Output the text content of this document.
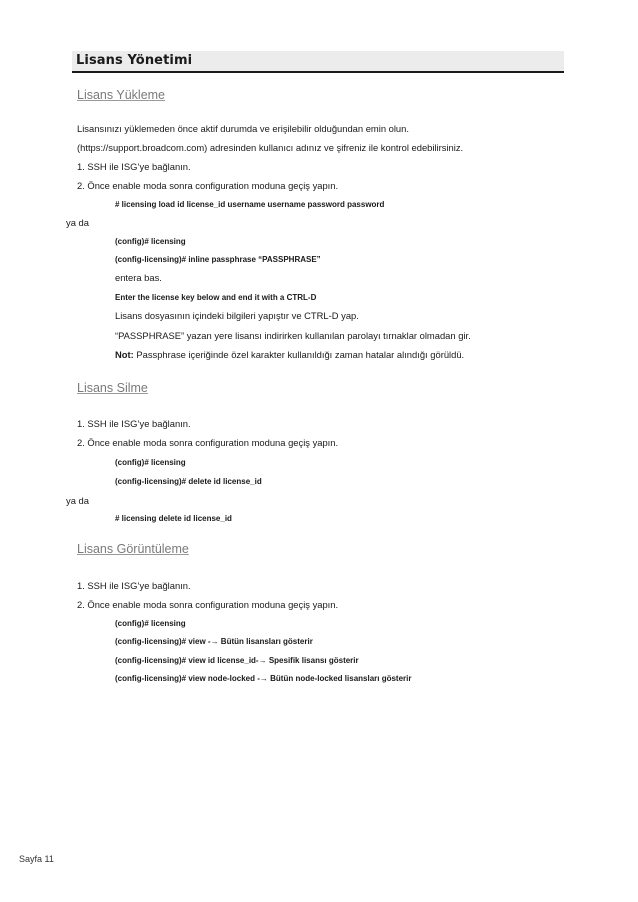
Lisans Yönetimi
Lisans Yükleme
Lisansınızı yüklemeden önce aktif durumda ve erişilebilir olduğundan emin olun.
(https://support.broadcom.com) adresinden kullanıcı adınız ve şifreniz ile kontrol edebilirsiniz.
1. SSH ile ISG’ye bağlanın.
2. Önce enable moda sonra configuration moduna geçiş yapın.
# licensing load id license_id username username password password
ya da
(config)# licensing
(config-licensing)# inline passphrase “PASSPHRASE”
entera bas.
Enter the license key below and end it with a CTRL-D
Lisans dosyasının içindeki bilgileri yapıştır ve CTRL-D yap.
“PASSPHRASE” yazan yere lisansı indirirken kullanılan parolayı tırnaklar olmadan gir.
Not: Passphrase içeriğinde özel karakter kullanıldığı zaman hatalar alındığı görüldü.
Lisans Silme
1. SSH ile ISG’ye bağlanın.
2. Önce enable moda sonra configuration moduna geçiş yapın.
(config)# licensing
(config-licensing)# delete id license_id
ya da
# licensing delete id license_id
Lisans Görüntüleme
1. SSH ile ISG’ye bağlanın.
2. Önce enable moda sonra configuration moduna geçiş yapın.
(config)# licensing
(config-licensing)# view -→ Bütün lisansları gösterir
(config-licensing)# view id license_id-→ Spesifik lisansı gösterir
(config-licensing)# view node-locked -→ Bütün node-locked lisansları gösterir
Sayfa 11
